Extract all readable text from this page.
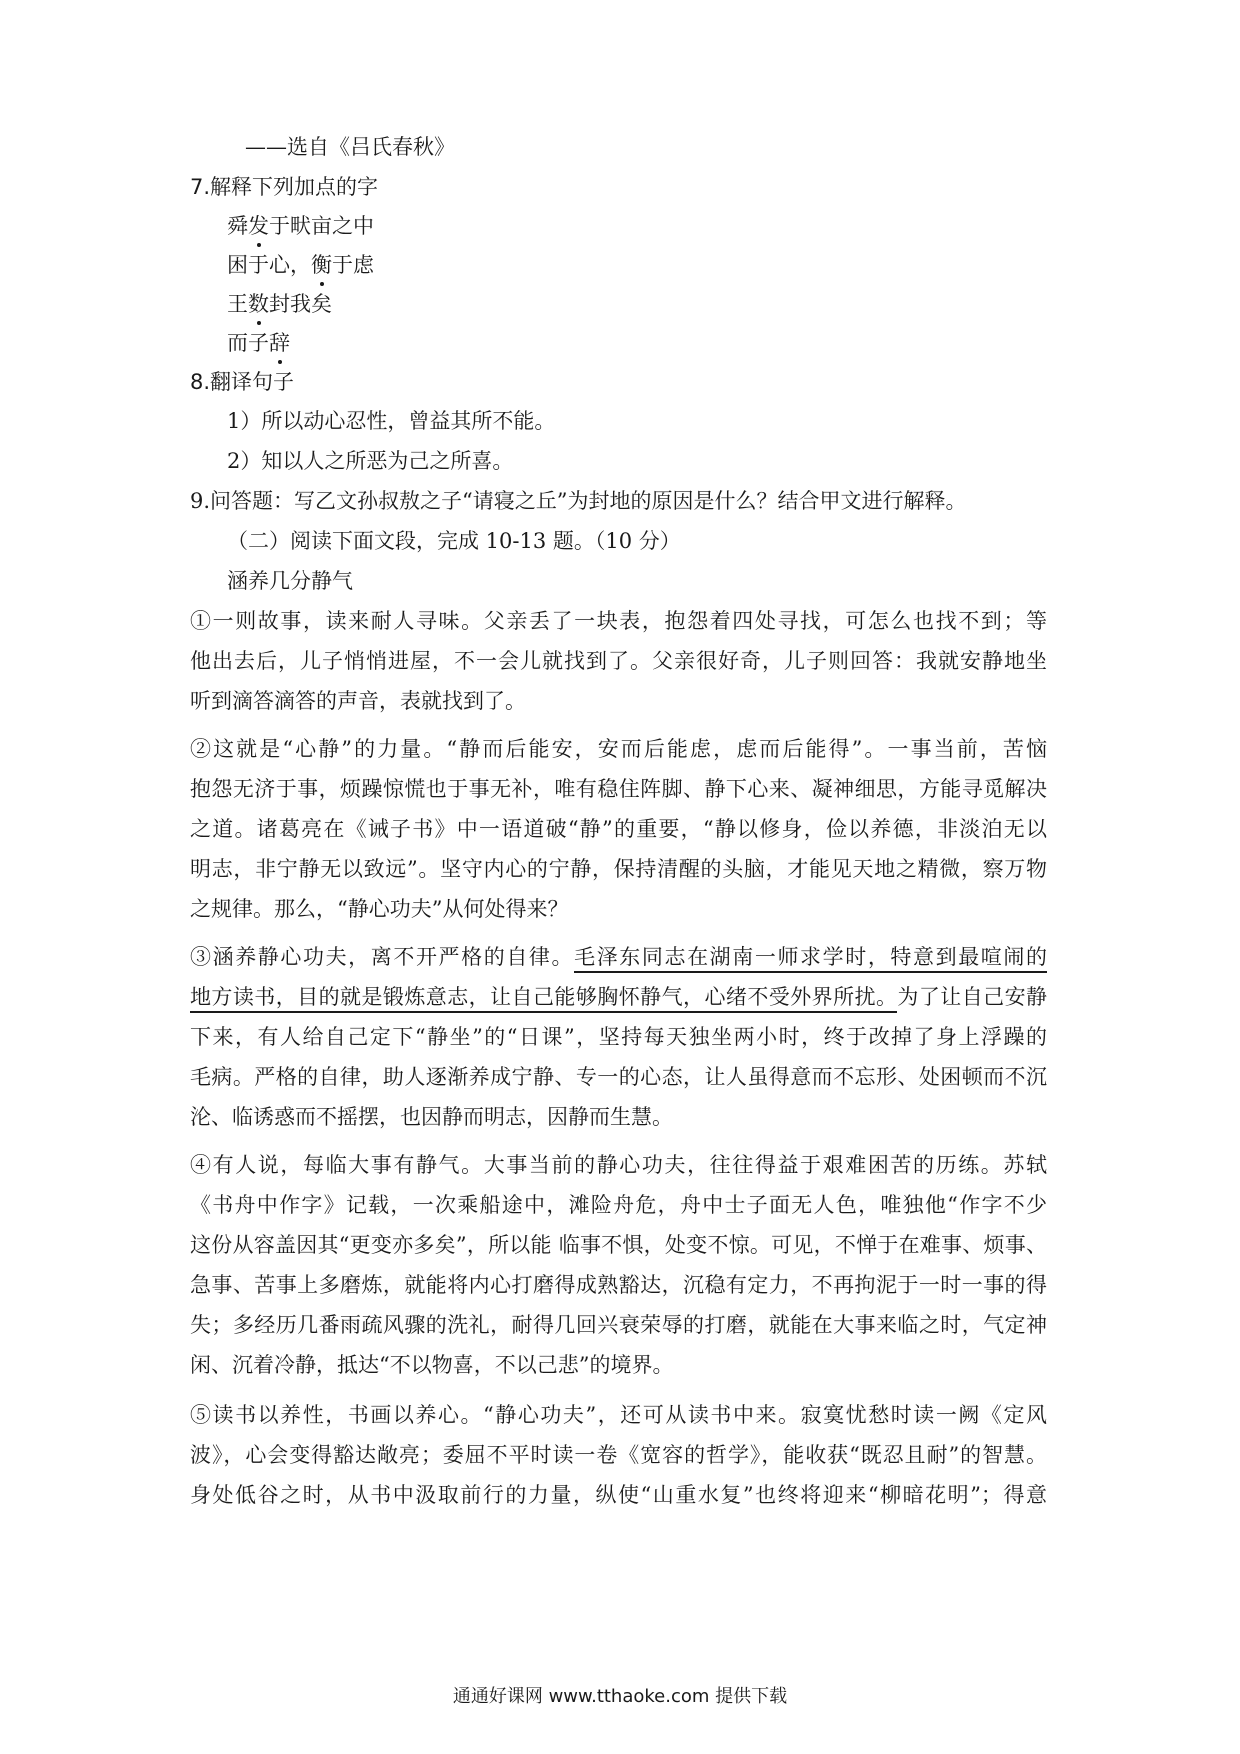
——选自《吕氏春秋》
7.解释下列加点的字
舜发于畎亩之中
困于心，衡于虑
王数封我矣
而子辞
8.翻译句子
1）所以动心忍性，曾益其所不能。
2）知以人之所恶为己之所喜。
9.问答题：写乙文孙叔敖之子“请寝之丘”为封地的原因是什么？结合甲文进行解释。
（二）阅读下面文段，完成 10-13 题。（10 分）
涵养几分静气
①一则故事，读来耐人寻味。父亲丢了一块表，抱怨着四处寻找，可怎么也找不到；等
他出去后，儿子悄悄进屋，不一会儿就找到了。父亲很好奇，儿子则回答：我就安静地坐
听到滴答滴答的声音，表就找到了。
②这就是“心静”的力量。“静而后能安，安而后能虑，虑而后能得”。一事当前，苦恼
抱怨无济于事，烦躁惊慌也于事无补，唯有稳住阵脚、静下心来、凝神细思，方能寻觅解决
之道。诸葛亮在《诫子书》中一语道破“静”的重要，“静以修身，俭以养德，非淡泊无以
明志，非宁静无以致远”。坚守内心的宁静，保持清醒的头脑，才能见天地之精微，察万物
之规律。那么，“静心功夫”从何处得来？
③涵养静心功夫，离不开严格的自律。毛泽东同志在湖南一师求学时，特意到最喧闹的
地方读书，目的就是锻炼意志，让自己能够胸怀静气，心绪不受外界所扰。为了让自己安静
下来，有人给自己定下“静坐”的“日课”，坚持每天独坐两小时，终于改掉了身上浮躁的
毛病。严格的自律，助人逐渐养成宁静、专一的心态，让人虽得意而不忘形、处困顿而不沉
沦、临诱惑而不摇摆，也因静而明志，因静而生慧。
④有人说，每临大事有静气。大事当前的静心功夫，往往得益于艰难困苦的历练。苏轼
《书舟中作字》记载，一次乘船途中，滩险舟危，舟中士子面无人色，唯独他“作字不少
这份从容盖因其“更变亦多矣”，所以能 临事不惧，处变不惊。可见，不惮于在难事、烦事、
急事、苦事上多磨炼，就能将内心打磨得成熟豁达，沉稳有定力，不再拘泥于一时一事的得
失；多经历几番雨疏风骤的洗礼，耐得几回兴衰荣辱的打磨，就能在大事来临之时，气定神
闲、沉着冷静，抵达“不以物喜，不以己悲”的境界。
⑤读书以养性，书画以养心。“静心功夫”，还可从读书中来。寂寞忧愁时读一阙《定风
波》，心会变得豁达敞亮；委屈不平时读一卷《宽容的哲学》，能收获“既忍且耐”的智慧。
身处低谷之时，从书中汲取前行的力量，纵使“山重水复”也终将迎来“柳暗花明”；得意
通通好课网 www.tthaoke.com 提供下载
